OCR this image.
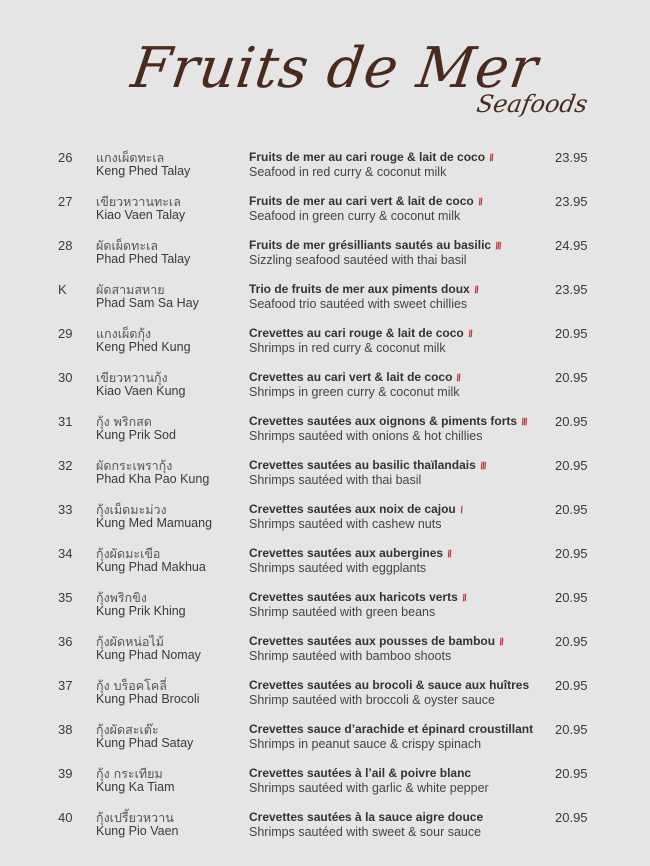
Fruits de Mer
Seafoods
26 แกงเผ็ดทะเล
Keng Phed Talay
Fruits de mer au cari rouge & lait de coco \\
Seafood in red curry & coconut milk
23.95
27 เขียวหวานทะเล
Kiao Vaen Talay
Fruits de mer au cari vert & lait de coco \\
Seafood in green curry & coconut milk
23.95
28 ผัดเผ็ดทะเล
Phad Phed Talay
Fruits de mer grésilliants sautés au basilic \\\
Sizzling seafood sautéed with thai basil
24.95
K ผัดสามสหาย
Phad Sam Sa Hay
Trio de fruits de mer aux piments doux \\
Seafood trio sautéed with sweet chillies
23.95
29 แกงเผ็ดกุ้ง
Keng Phed Kung
Crevettes au cari rouge & lait de coco \\
Shrimps in red curry & coconut milk
20.95
30 เขียวหวานกุ้ง
Kiao Vaen Kung
Crevettes au cari vert & lait de coco \\
Shrimps in green curry & coconut milk
20.95
31 กุ้ง พริกสด
Kung Prik Sod
Crevettes sautées aux oignons & piments forts \\\
Shrimps sautéed with onions & hot chillies
20.95
32 ผัดกระเพรากุ้ง
Phad Kha Pao Kung
Crevettes sautées au basilic thaïlandais \\\
Shrimps sautéed with thai basil
20.95
33 กุ้งเม็ดมะม่วง
Kung Med Mamuang
Crevettes sautées aux noix de cajou \
Shrimps sautéed with cashew nuts
20.95
34 กุ้งผัดมะเขือ
Kung Phad Makhua
Crevettes sautées aux aubergines \\
Shrimps sautéed with eggplants
20.95
35 กุ้งพริกขิง
Kung Prik Khing
Crevettes sautées aux haricots verts \\
Shrimp sautéed with green beans
20.95
36 กุ้งผัดหน่อไม้
Kung Phad Nomay
Crevettes sautées aux pousses de bambou \\
Shrimp sautéed with bamboo shoots
20.95
37 กุ้ง บร็อคโคลี่
Kung Phad Brocoli
Crevettes sautées au brocoli & sauce aux huîtres
Shrimp sautéed with broccoli & oyster sauce
20.95
38 กุ้งผัดสะเต๊ะ
Kung Phad Satay
Crevettes sauce d’arachide et épinard croustillant
Shrimps in peanut sauce & crispy spinach
20.95
39 กุ้ง กระเทียม
Kung Ka Tiam
Crevettes sautées à l’ail & poivre blanc
Shrimps sautéed with garlic & white pepper
20.95
40 กุ้งเปรี้ยวหวาน
Kung Pio Vaen
Crevettes sautées à la sauce aigre douce
Shrimps sautéed with sweet & sour sauce
20.95
